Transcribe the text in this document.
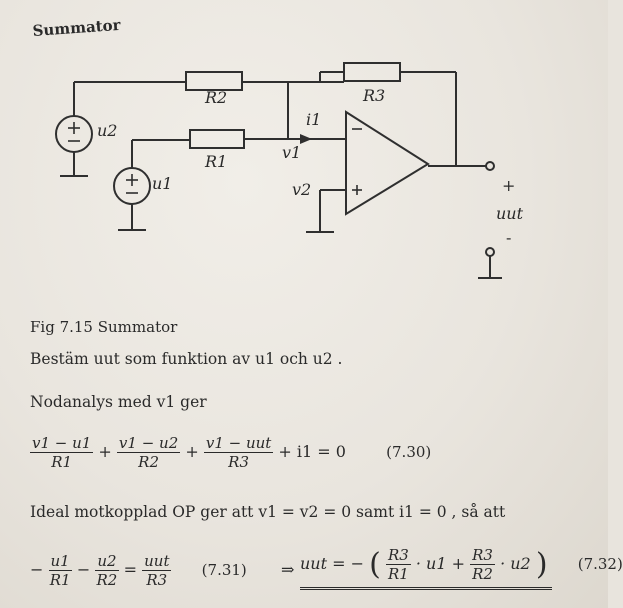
Summator
R2	R3
R1
u2
u1
i1
v1
v2	+
uut
-
Fig 7.15 Summator
Bestäm uut som funktion av u1 och u2 .
Nodanalys med v1 ger
$\frac{v1 - u1}{R1} + \frac{v1 - u2}{R2} + \frac{\text{v1 − uut}}{R3} + i1 = 0$	(7.30)
Ideal motkopplad OP ger att v1 = v2 = 0 samt i1 = 0 , så att
− $\frac{u1}{R1} - \frac{u2}{R2} = \frac{\text{uut}}{R3} (7.31)$ ⇒ uut = − ( $\frac{R3}{R1} \cdot u1 + \frac{R3}{R2} \cdot u2$ ) (7.32)
